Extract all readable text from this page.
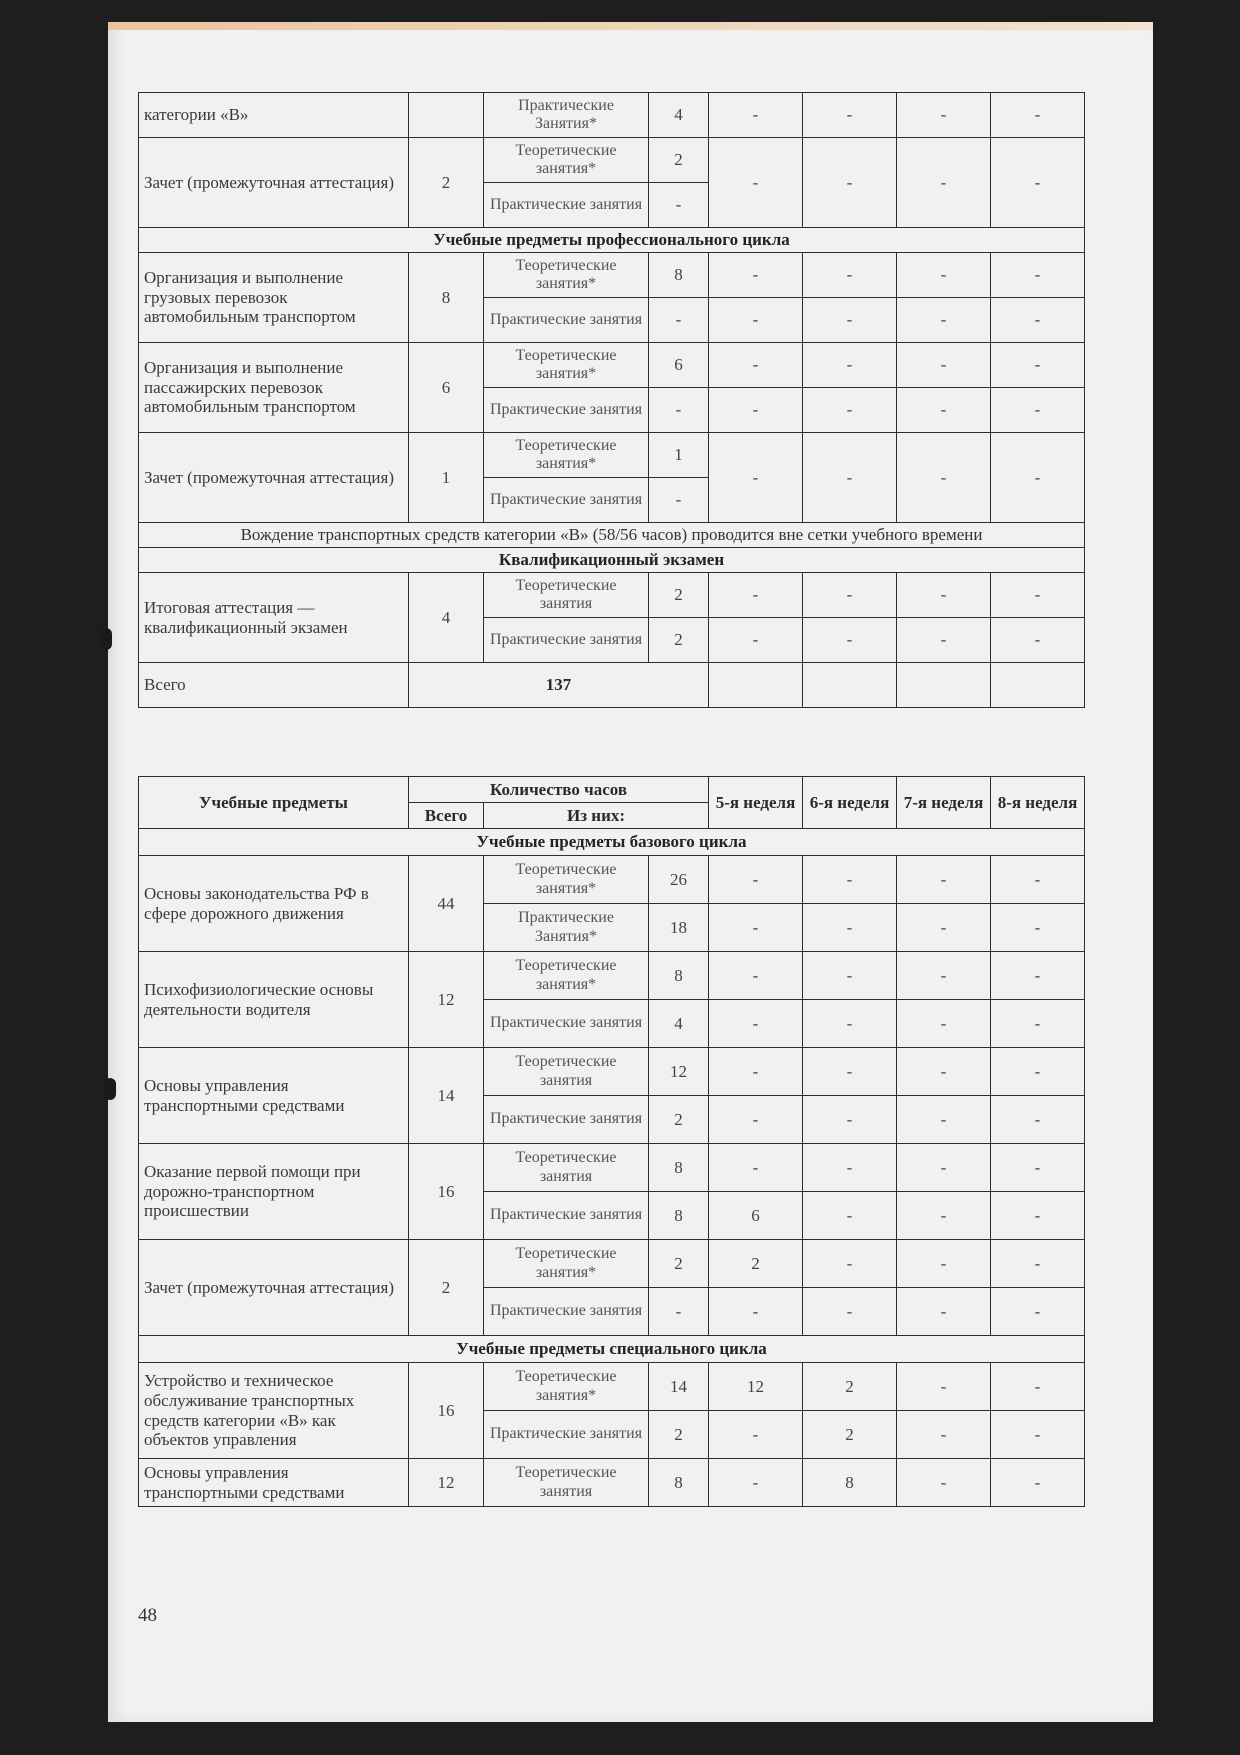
категории «В»		Практические Занятия*	4	-	-	-	-
Зачет (промежуточная аттестация)	2	Теоретические занятия*	2	-	-	-	-
		Практические занятия	-				
Учебные предметы профессионального цикла							
Организация и выполнение грузовых перевозок автомобильным транспортом	8	Теоретические занятия*	8	-	-	-	-
		Практические занятия	-	-	-	-	-
Организация и выполнение пассажирских перевозок автомобильным транспортом	6	Теоретические занятия*	6	-	-	-	-
		Практические занятия	-	-	-	-	-
Зачет (промежуточная аттестация)	1	Теоретические занятия*	1	-	-	-	-
		Практические занятия	-				
Вождение транспортных средств категории «В» (58/56 часов) проводится вне сетки учебного времени							
Квалификационный экзамен							
Итоговая аттестация — квалификационный экзамен	4	Теоретические занятия	2	-	-	-	-
		Практические занятия	2	-	-	-	-
Всего	137						
Учебные предметы	Количество часов			5-я неделя	6-я неделя	7-я неделя	8-я неделя
	Всего	Из них:					
Учебные предметы базового цикла							
Основы законодательства РФ в сфере дорожного движения	44	Теоретические занятия*	26	-	-	-	-
		Практические Занятия*	18	-	-	-	-
Психофизиологические основы деятельности водителя	12	Теоретические занятия*	8	-	-	-	-
		Практические занятия	4	-	-	-	-
Основы управления транспортными средствами	14	Теоретические занятия	12	-	-	-	-
		Практические занятия	2	-	-	-	-
Оказание первой помощи при дорожно-транспортном происшествии	16	Теоретические занятия	8	-	-	-	-
		Практические занятия	8	6	-	-	-
Зачет (промежуточная аттестация)	2	Теоретические занятия*	2	2	-	-	-
		Практические занятия	-	-	-	-	-
Учебные предметы специального цикла							
Устройство и техническое обслуживание транспортных средств категории «В» как объектов управления	16	Теоретические занятия*	14	12	2	-	-
		Практические занятия	2	-	2	-	-
Основы управления транспортными средствами	12	Теоретические занятия	8	-	8	-	-
48
